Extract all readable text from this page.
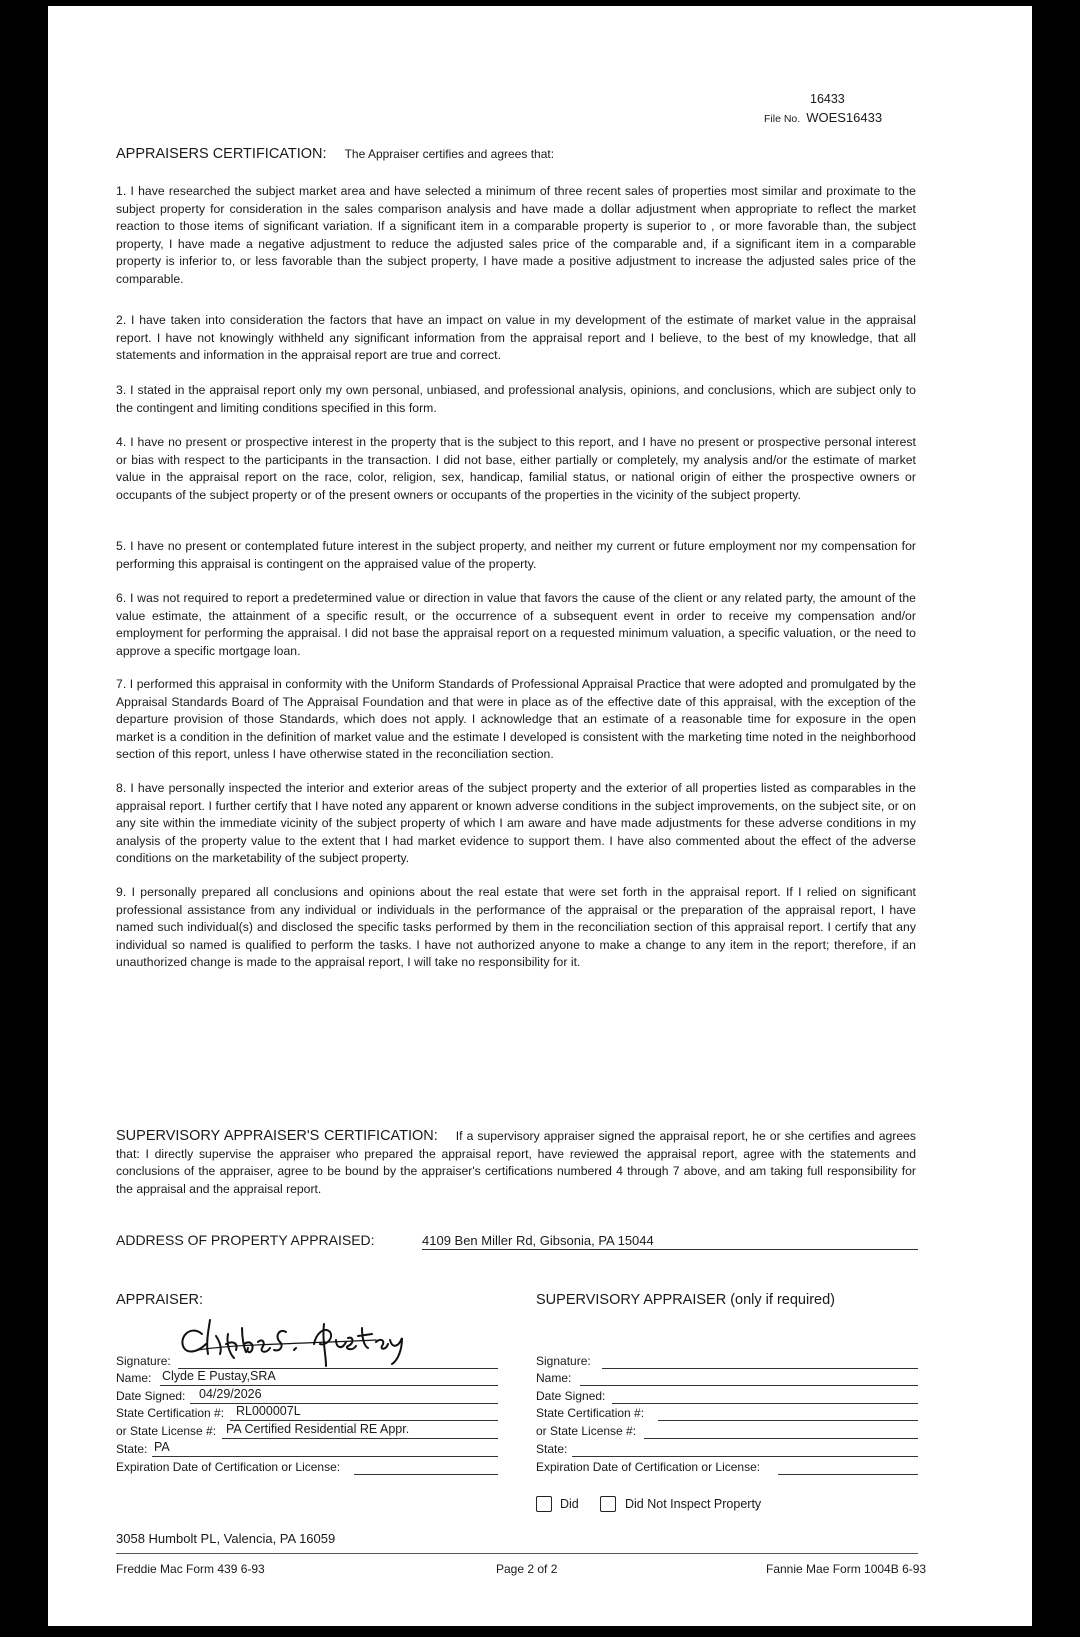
16433
File No. WOES16433
APPRAISERS CERTIFICATION: The Appraiser certifies and agrees that:
1. I have researched the subject market area and have selected a minimum of three recent sales of properties most similar and proximate to the subject property for consideration in the sales comparison analysis and have made a dollar adjustment when appropriate to reflect the market reaction to those items of significant variation. If a significant item in a comparable property is superior to , or more favorable than, the subject property, I have made a negative adjustment to reduce the adjusted sales price of the comparable and, if a significant item in a comparable property is inferior to, or less favorable than the subject property, I have made a positive adjustment to increase the adjusted sales price of the comparable.
2. I have taken into consideration the factors that have an impact on value in my development of the estimate of market value in the appraisal report. I have not knowingly withheld any significant information from the appraisal report and I believe, to the best of my knowledge, that all statements and information in the appraisal report are true and correct.
3. I stated in the appraisal report only my own personal, unbiased, and professional analysis, opinions, and conclusions, which are subject only to the contingent and limiting conditions specified in this form.
4. I have no present or prospective interest in the property that is the subject to this report, and I have no present or prospective personal interest or bias with respect to the participants in the transaction. I did not base, either partially or completely, my analysis and/or the estimate of market value in the appraisal report on the race, color, religion, sex, handicap, familial status, or national origin of either the prospective owners or occupants of the subject property or of the present owners or occupants of the properties in the vicinity of the subject property.
5. I have no present or contemplated future interest in the subject property, and neither my current or future employment nor my compensation for performing this appraisal is contingent on the appraised value of the property.
6. I was not required to report a predetermined value or direction in value that favors the cause of the client or any related party, the amount of the value estimate, the attainment of a specific result, or the occurrence of a subsequent event in order to receive my compensation and/or employment for performing the appraisal. I did not base the appraisal report on a requested minimum valuation, a specific valuation, or the need to approve a specific mortgage loan.
7. I performed this appraisal in conformity with the Uniform Standards of Professional Appraisal Practice that were adopted and promulgated by the Appraisal Standards Board of The Appraisal Foundation and that were in place as of the effective date of this appraisal, with the exception of the departure provision of those Standards, which does not apply. I acknowledge that an estimate of a reasonable time for exposure in the open market is a condition in the definition of market value and the estimate I developed is consistent with the marketing time noted in the neighborhood section of this report, unless I have otherwise stated in the reconciliation section.
8. I have personally inspected the interior and exterior areas of the subject property and the exterior of all properties listed as comparables in the appraisal report. I further certify that I have noted any apparent or known adverse conditions in the subject improvements, on the subject site, or on any site within the immediate vicinity of the subject property of which I am aware and have made adjustments for these adverse conditions in my analysis of the property value to the extent that I had market evidence to support them. I have also commented about the effect of the adverse conditions on the marketability of the subject property.
9. I personally prepared all conclusions and opinions about the real estate that were set forth in the appraisal report. If I relied on significant professional assistance from any individual or individuals in the performance of the appraisal or the preparation of the appraisal report, I have named such individual(s) and disclosed the specific tasks performed by them in the reconciliation section of this appraisal report. I certify that any individual so named is qualified to perform the tasks. I have not authorized anyone to make a change to any item in the report; therefore, if an unauthorized change is made to the appraisal report, I will take no responsibility for it.
SUPERVISORY APPRAISER'S CERTIFICATION: If a supervisory appraiser signed the appraisal report, he or she certifies and agrees that: I directly supervise the appraiser who prepared the appraisal report, have reviewed the appraisal report, agree with the statements and conclusions of the appraiser, agree to be bound by the appraiser's certifications numbered 4 through 7 above, and am taking full responsibility for the appraisal and the appraisal report.
ADDRESS OF PROPERTY APPRAISED:	4109 Ben Miller Rd, Gibsonia, PA 15044
APPRAISER:	SUPERVISORY APPRAISER (only if required)
Signature:
Name: Clyde E Pustay,SRA
Date Signed: 04/29/2026
State Certification #: RL000007L
or State License #: PA Certified Residential RE Appr.
State: PA
Expiration Date of Certification or License:
Signature:
Name:
Date Signed:
State Certification #:
or State License #:
State:
Expiration Date of Certification or License:
Did	Did Not Inspect Property
3058 Humbolt PL, Valencia, PA 16059
Freddie Mac Form 439 6-93	Page 2 of 2	Fannie Mae Form 1004B 6-93
